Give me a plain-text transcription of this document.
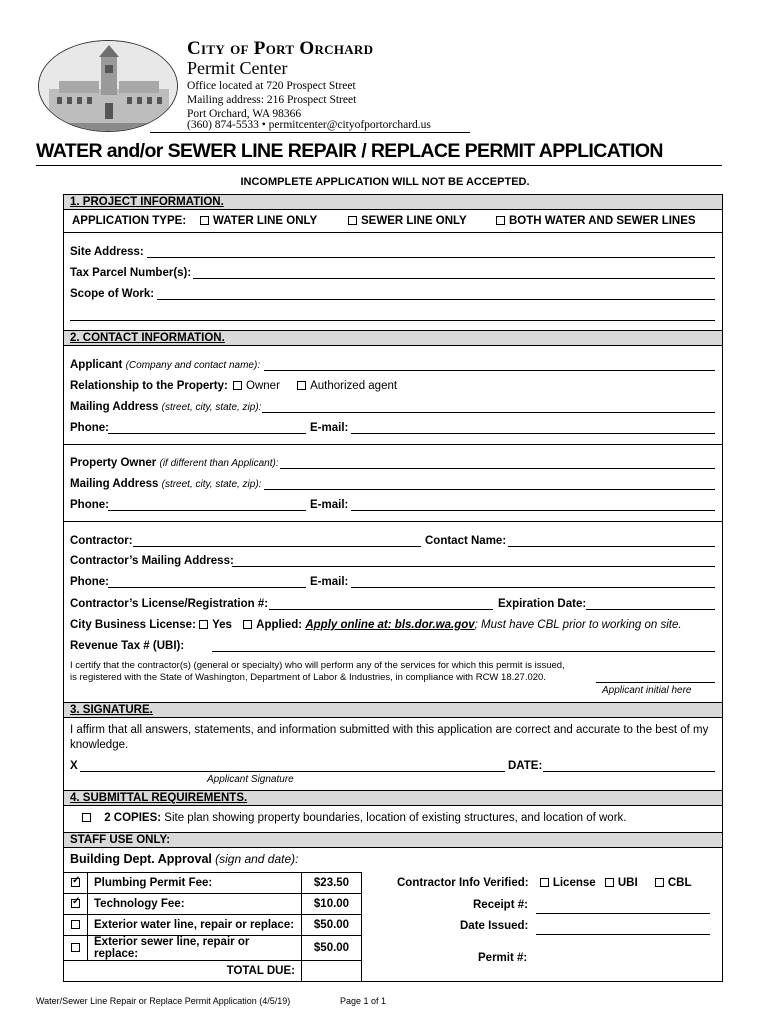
City of Port Orchard
Permit Center
Office located at 720 Prospect Street
Mailing address: 216 Prospect Street
Port Orchard, WA 98366
(360) 874-5533 • permitcenter@cityofportorchard.us
WATER and/or SEWER LINE REPAIR / REPLACE PERMIT APPLICATION
INCOMPLETE APPLICATION WILL NOT BE ACCEPTED.
1. PROJECT INFORMATION.
APPLICATION TYPE:	WATER LINE ONLY	SEWER LINE ONLY	BOTH WATER AND SEWER LINES
Site Address:
Tax Parcel Number(s):
Scope of Work:
2. CONTACT INFORMATION.
Applicant (Company and contact name):
Relationship to the Property: Owner	Authorized agent
Mailing Address (street, city, state, zip):
Phone:	E-mail:
Property Owner (if different than Applicant):
Mailing Address (street, city, state, zip):
Phone:	E-mail:
Contractor:	Contact Name:
Contractor’s Mailing Address:
Phone:	E-mail:
Contractor’s License/Registration #:	Expiration Date:
City Business License: Yes Applied: Apply online at: bls.dor.wa.gov; Must have CBL prior to working on site.
Revenue Tax # (UBI):
I certify that the contractor(s) (general or specialty) who will perform any of the services for which this permit is issued,
is registered with the State of Washington, Department of Labor & Industries, in compliance with RCW 18.27.020.
Applicant initial here
3. SIGNATURE.
I affirm that all answers, statements, and information submitted with this application are correct and accurate to the best of my
knowledge.
X	DATE:
Applicant Signature
4. SUBMITTAL REQUIREMENTS.
2 COPIES: Site plan showing property boundaries, location of existing structures, and location of work.
STAFF USE ONLY:
Building Dept. Approval (sign and date):
✓	Plumbing Permit Fee:	$23.50
✓	Technology Fee:	$10.00
	Exterior water line, repair or replace:	$50.00
	Exterior sewer line, repair or replace:	$50.00
	TOTAL DUE:	
Contractor Info Verified: License UBI	CBL
Receipt #:
Date Issued:
Permit #:
Water/Sewer Line Repair or Replace Permit Application (4/5/19)	Page 1 of 1
